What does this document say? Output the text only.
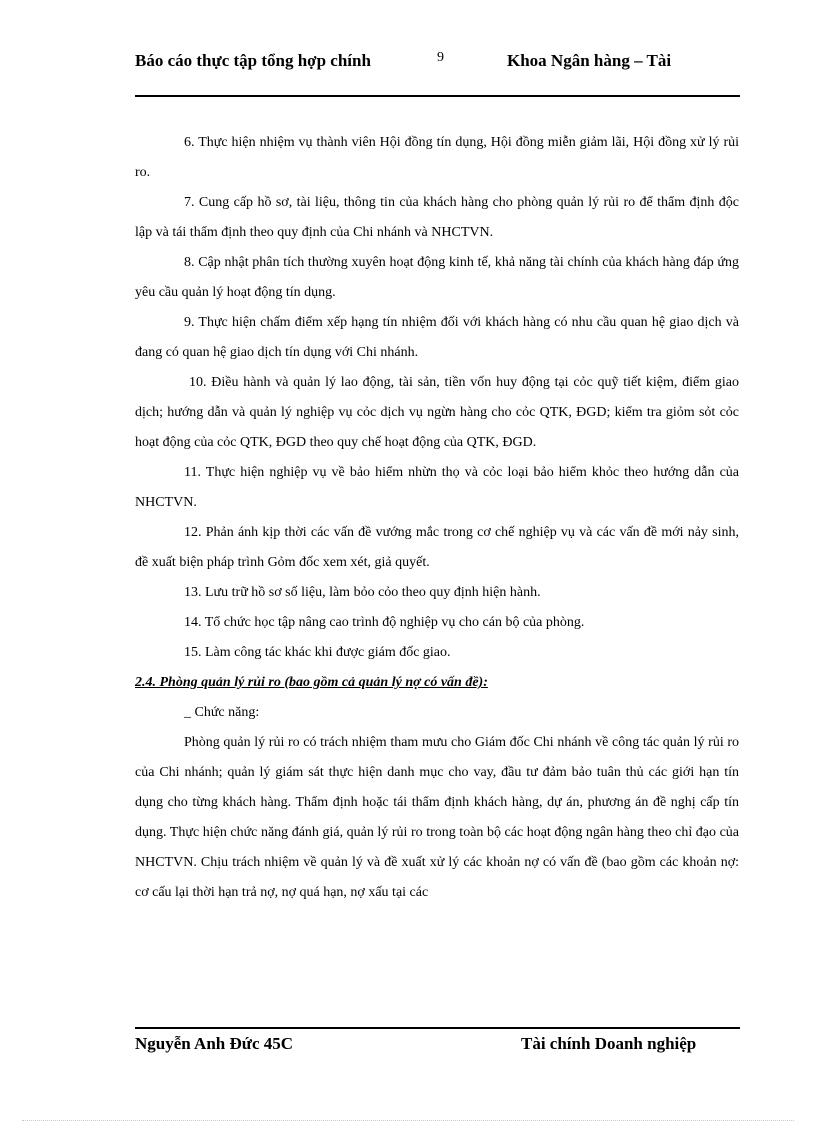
Báo cáo thực tập tổng hợp chính	9	Khoa Ngân hàng – Tài

6. Thực hiện nhiệm vụ thành viên Hội đồng tín dụng, Hội đồng miễn giảm lãi, Hội đồng xử lý rủi ro.

7. Cung cấp hồ sơ, tài liệu, thông tin của khách hàng cho phòng quản lý rủi ro để thẩm định độc lập và tái thẩm định theo quy định của Chi nhánh và NHCTVN.

8. Cập nhật phân tích thường xuyên hoạt động kinh tế, khả năng tài chính của khách hàng đáp ứng yêu cầu quản lý hoạt động tín dụng.

9. Thực hiện chấm điểm xếp hạng tín nhiệm đối với khách hàng có nhu cầu quan hệ giao dịch và đang có quan hệ giao dịch tín dụng với Chi nhánh.

10. Điều hành và quản lý lao động, tài sản, tiền vốn huy động tại cỏc quỹ tiết kiệm, điểm giao dịch; hướng dẫn và quản lý nghiệp vụ cỏc dịch vụ ngừn hàng cho cỏc QTK, ĐGD; kiểm tra giỏm sỏt cỏc hoạt động của cỏc QTK, ĐGD theo quy chế hoạt động của QTK, ĐGD.

11. Thực hiện nghiệp vụ về bảo hiểm nhừn thọ và cỏc loại bảo hiểm khỏc theo hướng dẫn của NHCTVN.

12. Phản ánh kịp thời các vấn đề vướng mắc trong cơ chế nghiệp vụ và các vấn đề mới nảy sinh, đề xuất biện pháp trình Gỏm đốc xem xét, giả quyết.

13. Lưu trữ hồ sơ số liệu, làm bỏo cỏo theo quy định hiện hành.

14. Tổ chức học tập nâng cao trình độ nghiệp vụ cho cán bộ của phòng.

15. Làm công tác khác khi được giám đốc giao.

2.4. Phòng quản lý rủi ro (bao gồm cả quản lý nợ có vấn đề):

_ Chức năng:

Phòng quản lý rủi ro có trách nhiệm tham mưu cho Giám đốc Chi nhánh về công tác quản lý rủi ro của Chi nhánh; quản lý giám sát thực hiện danh mục cho vay, đầu tư đảm bảo tuân thủ các giới hạn tín dụng cho từng khách hàng. Thẩm định hoặc tái thẩm định khách hàng, dự án, phương án đề nghị cấp tín dụng. Thực hiện chức năng đánh giá, quản lý rủi ro trong toàn bộ các hoạt động ngân hàng theo chỉ đạo của NHCTVN. Chịu trách nhiệm về quản lý và đề xuất xử lý các khoản nợ có vấn đề (bao gồm các khoản nợ: cơ cấu lại thời hạn trả nợ, nợ quá hạn, nợ xấu tại các

Nguyễn Anh Đức 45C	Tài chính Doanh nghiệp
